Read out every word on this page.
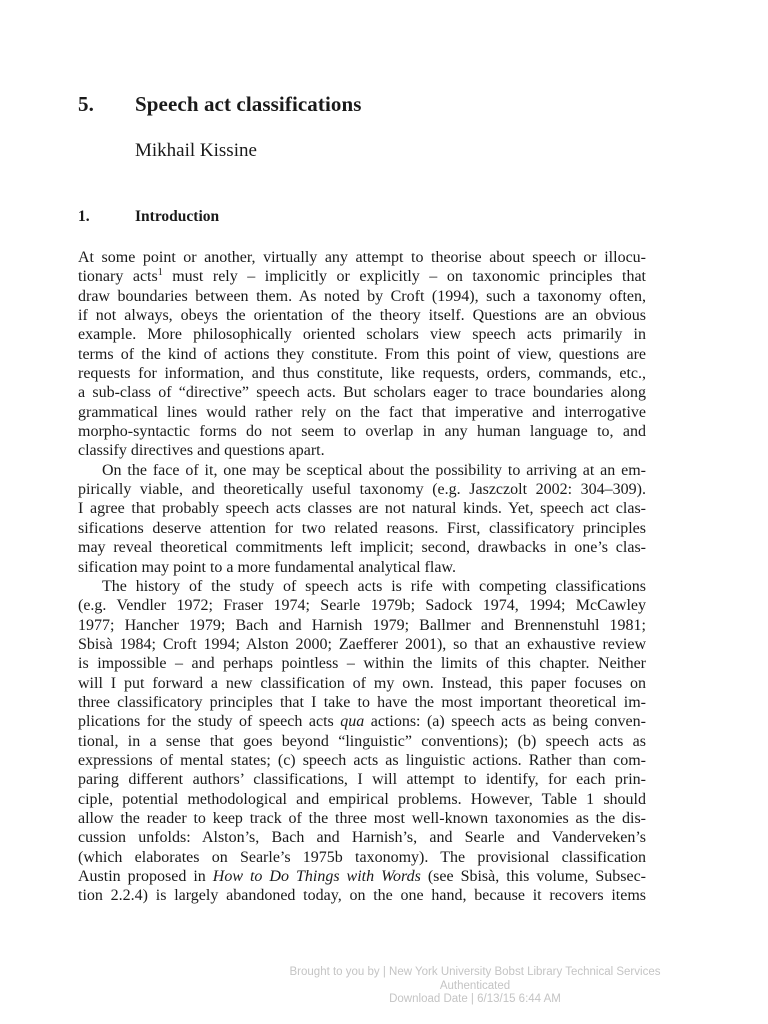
5.	Speech act classifications
Mikhail Kissine
1.	Introduction
At some point or another, virtually any attempt to theorise about speech or illocu-
tionary acts$^1$ must rely – implicitly or explicitly – on taxonomic principles that
draw boundaries between them. As noted by Croft (1994), such a taxonomy often,
if not always, obeys the orientation of the theory itself. Questions are an obvious
example. More philosophically oriented scholars view speech acts primarily in
terms of the kind of actions they constitute. From this point of view, questions are
requests for information, and thus constitute, like requests, orders, commands, etc.,
a sub-class of “directive” speech acts. But scholars eager to trace boundaries along
grammatical lines would rather rely on the fact that imperative and interrogative
morpho-syntactic forms do not seem to overlap in any human language to, and
classify directives and questions apart.
On the face of it, one may be sceptical about the possibility to arriving at an em-
pirically viable, and theoretically useful taxonomy (e.g. Jaszczolt 2002: 304–309).
I agree that probably speech acts classes are not natural kinds. Yet, speech act clas-
sifications deserve attention for two related reasons. First, classificatory principles
may reveal theoretical commitments left implicit; second, drawbacks in one’s clas-
sification may point to a more fundamental analytical flaw.
The history of the study of speech acts is rife with competing classifications
(e.g. Vendler 1972; Fraser 1974; Searle 1979b; Sadock 1974, 1994; McCawley
1977; Hancher 1979; Bach and Harnish 1979; Ballmer and Brennenstuhl 1981;
Sbisà 1984; Croft 1994; Alston 2000; Zaefferer 2001), so that an exhaustive review
is impossible – and perhaps pointless – within the limits of this chapter. Neither
will I put forward a new classification of my own. Instead, this paper focuses on
three classificatory principles that I take to have the most important theoretical im-
plications for the study of speech acts qua actions: (a) speech acts as being conven-
tional, in a sense that goes beyond “linguistic” conventions); (b) speech acts as
expressions of mental states; (c) speech acts as linguistic actions. Rather than com-
paring different authors’ classifications, I will attempt to identify, for each prin-
ciple, potential methodological and empirical problems. However, Table 1 should
allow the reader to keep track of the three most well-known taxonomies as the dis-
cussion unfolds: Alston’s, Bach and Harnish’s, and Searle and Vanderveken’s
(which elaborates on Searle’s 1975b taxonomy). The provisional classification
Austin proposed in How to Do Things with Words (see Sbisà, this volume, Subsec-
tion 2.2.4) is largely abandoned today, on the one hand, because it recovers items
Brought to you by | New York University Bobst Library Technical Services
Authenticated
Download Date | 6/13/15 6:44 AM
